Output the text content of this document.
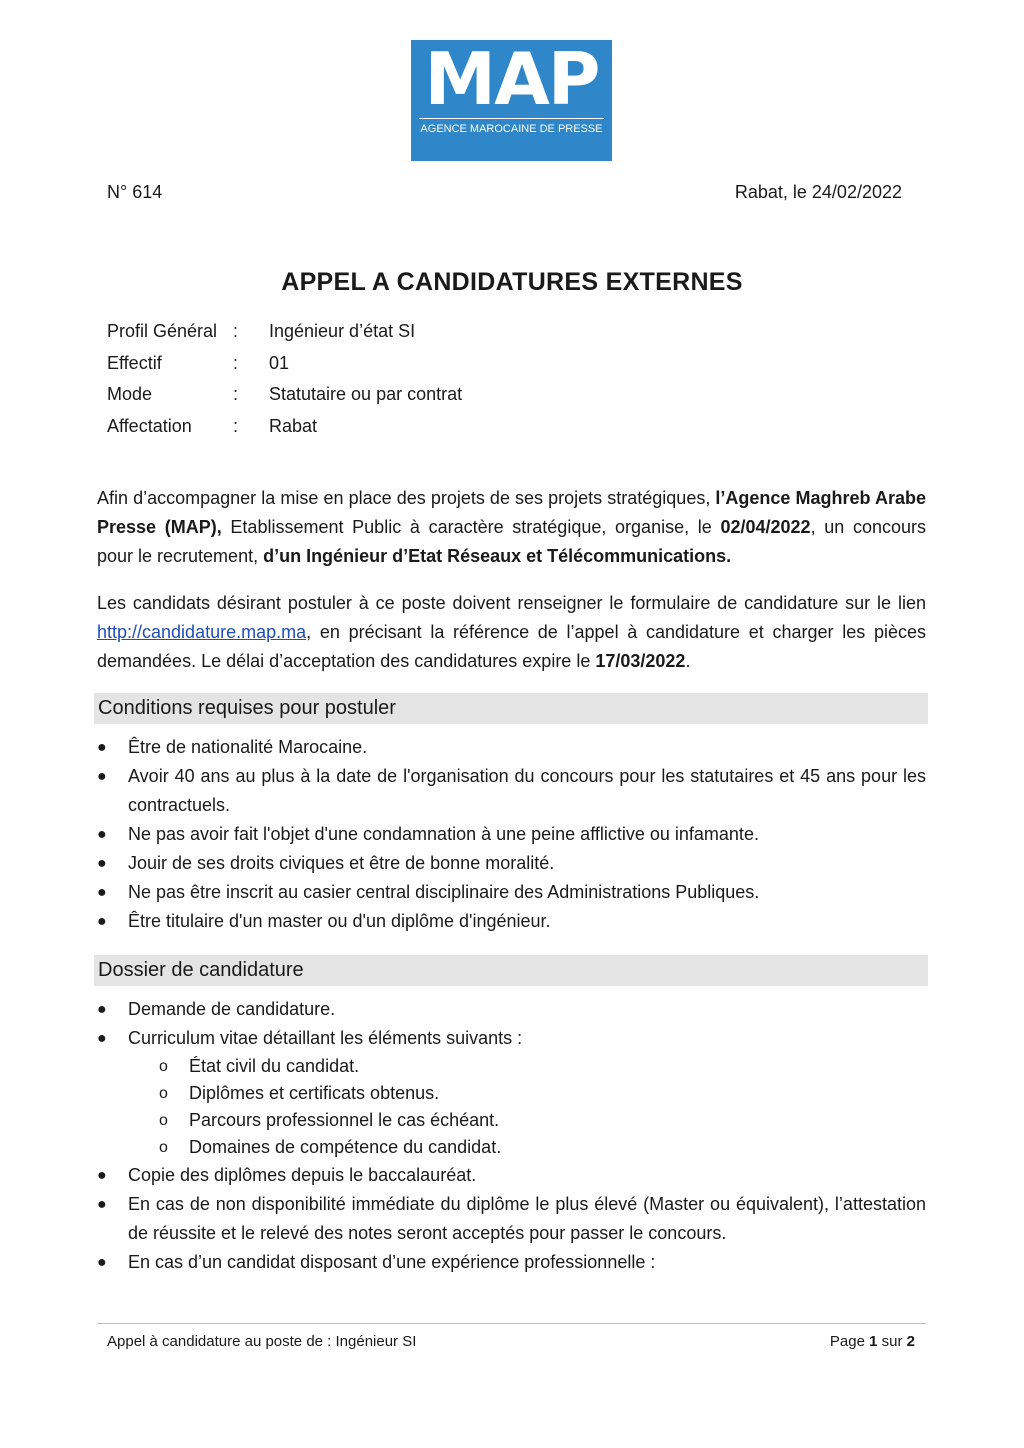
MAP
AGENCE MAROCAINE DE PRESSE
N° 614	Rabat, le 24/02/2022
APPEL A CANDIDATURES EXTERNES
Profil Général : Ingénieur d’état SI
Effectif	: 01
Mode	: Statutaire ou par contrat
Affectation	: Rabat
Afin d’accompagner la mise en place des projets de ses projets stratégiques, l’Agence Maghreb Arabe Presse (MAP), Etablissement Public à caractère stratégique, organise, le 02/04/2022, un concours pour le recrutement, d’un Ingénieur d’Etat Réseaux et Télécommunications.
Les candidats désirant postuler à ce poste doivent renseigner le formulaire de candidature sur le lien http://candidature.map.ma, en précisant la référence de l’appel à candidature et charger les pièces demandées. Le délai d’acceptation des candidatures expire le 17/03/2022.
Conditions requises pour postuler
● Être de nationalité Marocaine.
● Avoir 40 ans au plus à la date de l'organisation du concours pour les statutaires et 45 ans pour les contractuels.
● Ne pas avoir fait l'objet d'une condamnation à une peine afflictive ou infamante.
● Jouir de ses droits civiques et être de bonne moralité.
● Ne pas être inscrit au casier central disciplinaire des Administrations Publiques.
● Être titulaire d'un master ou d'un diplôme d'ingénieur.
Dossier de candidature
● Demande de candidature.
● Curriculum vitae détaillant les éléments suivants :
o État civil du candidat.
o Diplômes et certificats obtenus.
o Parcours professionnel le cas échéant.
o Domaines de compétence du candidat.
● Copie des diplômes depuis le baccalauréat.
● En cas de non disponibilité immédiate du diplôme le plus élevé (Master ou équivalent), l’attestation de réussite et le relevé des notes seront acceptés pour passer le concours.
● En cas d’un candidat disposant d’une expérience professionnelle :
Appel à candidature au poste de : Ingénieur SI	Page 1 sur 2
